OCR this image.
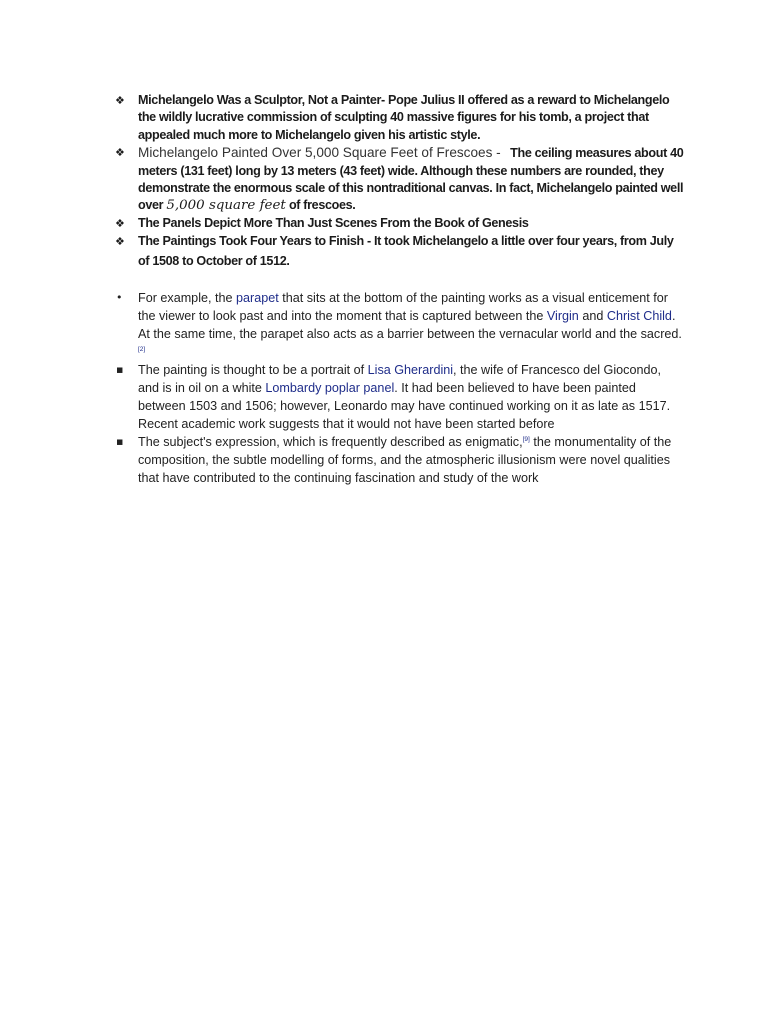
❖ Michelangelo Was a Sculptor, Not a Painter- Pope Julius II offered as a reward to Michelangelo the wildly lucrative commission of sculpting 40 massive figures for his tomb, a project that appealed much more to Michelangelo given his artistic style.
❖ Michelangelo Painted Over 5,000 Square Feet of Frescoes - The ceiling measures about 40 meters (131 feet) long by 13 meters (43 feet) wide. Although these numbers are rounded, they demonstrate the enormous scale of this nontraditional canvas. In fact, Michelangelo painted well over 5,000 square feet of frescoes.
❖ The Panels Depict More Than Just Scenes From the Book of Genesis
❖ The Paintings Took Four Years to Finish - It took Michelangelo a little over four years, from July of 1508 to October of 1512.
• For example, the parapet that sits at the bottom of the painting works as a visual enticement for the viewer to look past and into the moment that is captured between the Virgin and Christ Child. At the same time, the parapet also acts as a barrier between the vernacular world and the sacred.[2]
▪ The painting is thought to be a portrait of Lisa Gherardini, the wife of Francesco del Giocondo, and is in oil on a white Lombardy poplar panel. It had been believed to have been painted between 1503 and 1506; however, Leonardo may have continued working on it as late as 1517. Recent academic work suggests that it would not have been started before
▪ The subject's expression, which is frequently described as enigmatic,[9] the monumentality of the composition, the subtle modelling of forms, and the atmospheric illusionism were novel qualities that have contributed to the continuing fascination and study of the work
